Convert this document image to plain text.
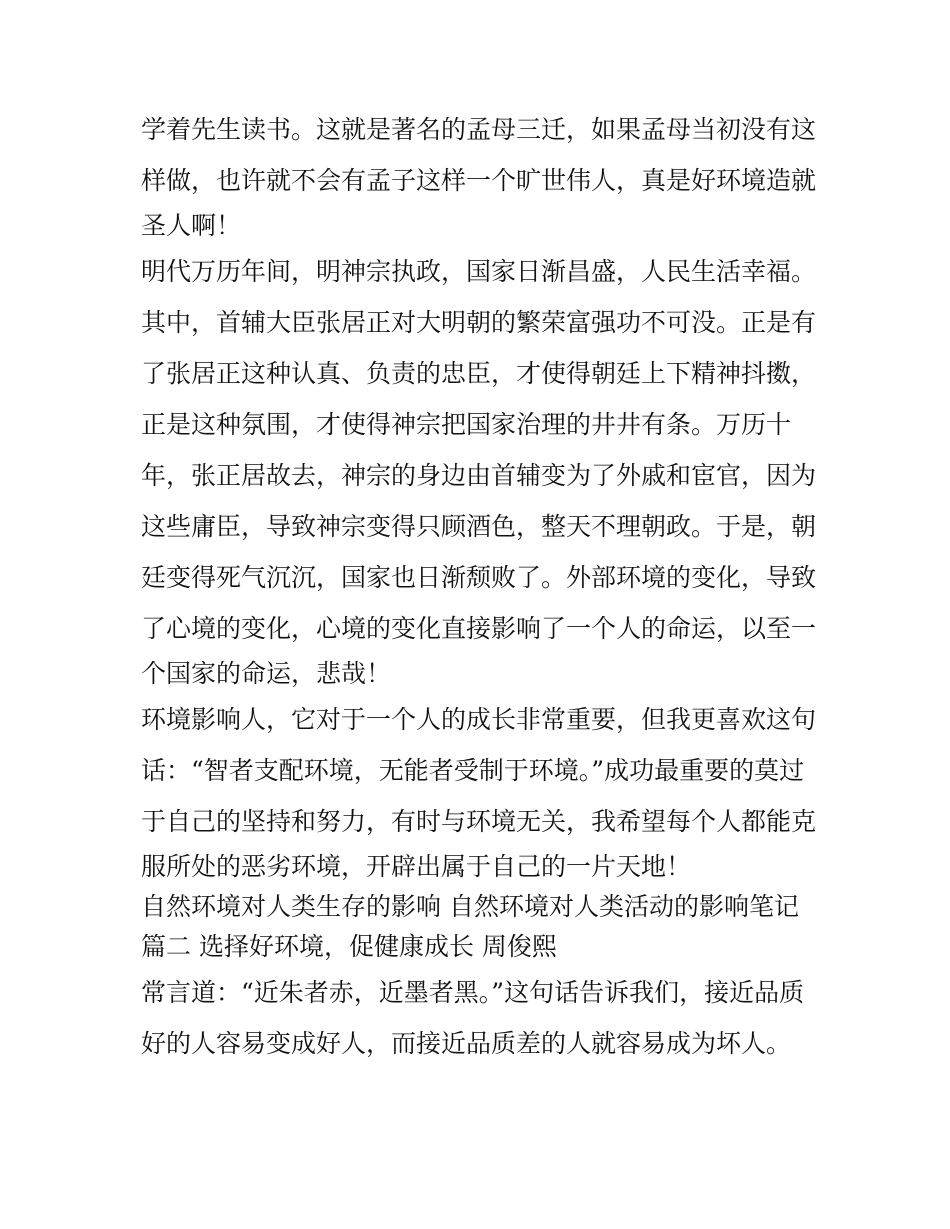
学着先生读书。这就是著名的孟母三迁，如果孟母当初没有这
样做，也许就不会有孟子这样一个旷世伟人，真是好环境造就
圣人啊！
明代万历年间，明神宗执政，国家日渐昌盛，人民生活幸福。
其中，首辅大臣张居正对大明朝的繁荣富强功不可没。正是有
了张居正这种认真、负责的忠臣，才使得朝廷上下精神抖擞，
正是这种氛围，才使得神宗把国家治理的井井有条。万历十
年，张正居故去，神宗的身边由首辅变为了外戚和宦官，因为
这些庸臣，导致神宗变得只顾酒色，整天不理朝政。于是，朝
廷变得死气沉沉，国家也日渐颓败了。外部环境的变化，导致
了心境的变化，心境的变化直接影响了一个人的命运，以至一
个国家的命运，悲哉！
环境影响人，它对于一个人的成长非常重要，但我更喜欢这句
话：“智者支配环境，无能者受制于环境。”成功最重要的莫过
于自己的坚持和努力，有时与环境无关，我希望每个人都能克
服所处的恶劣环境，开辟出属于自己的一片天地！
自然环境对人类生存的影响 自然环境对人类活动的影响笔记
篇二 选择好环境，促健康成长 周俊熙
常言道：“近朱者赤，近墨者黑。”这句话告诉我们，接近品质
好的人容易变成好人，而接近品质差的人就容易成为坏人。
